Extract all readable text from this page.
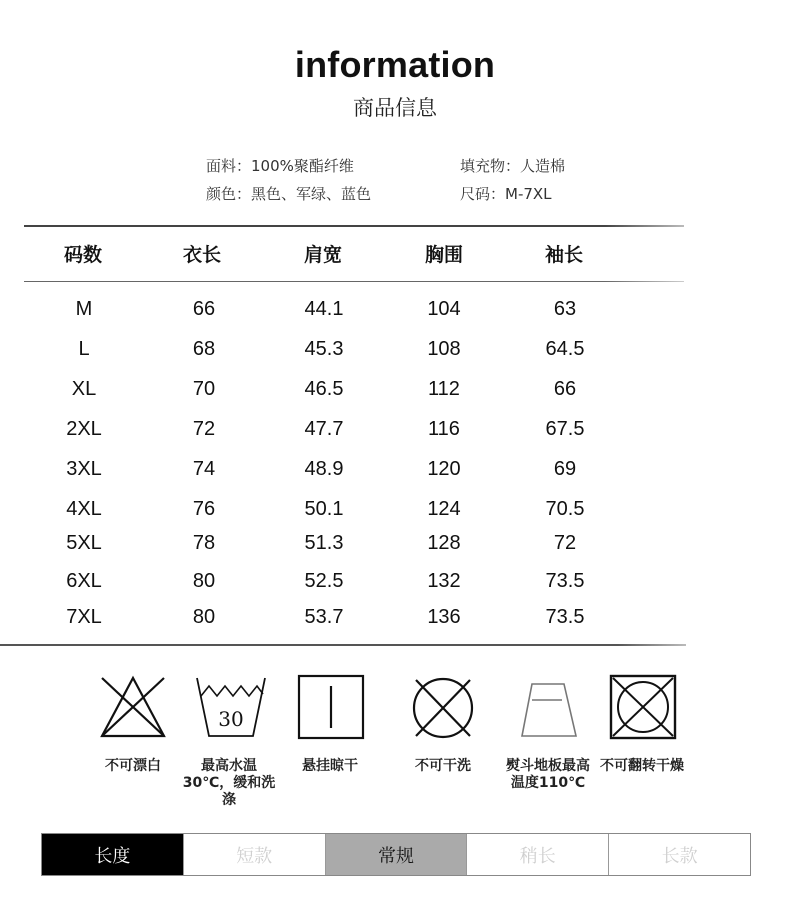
information
商品信息
面料：100%聚酯纤维
颜色：黑色、军绿、蓝色
填充物：人造棉
尺码：M-7XL
码数	衣长	肩宽	胸围	袖长
M	66	44.1	104	63
L	68	45.3	108	64.5
XL	70	46.5	112	66
2XL	72	47.7	116	67.5
3XL	74	48.9	120	69
4XL	76	50.1	124	70.5
5XL	78	51.3	128	72
6XL	80	52.5	132	73.5
7XL	80	53.7	136	73.5
30
不可漂白	最高水温30℃，缓和洗涤
悬挂晾干	不可干洗	熨斗地板最高温度110℃
不可翻转干燥
长度	短款	常规	稍长	长款
